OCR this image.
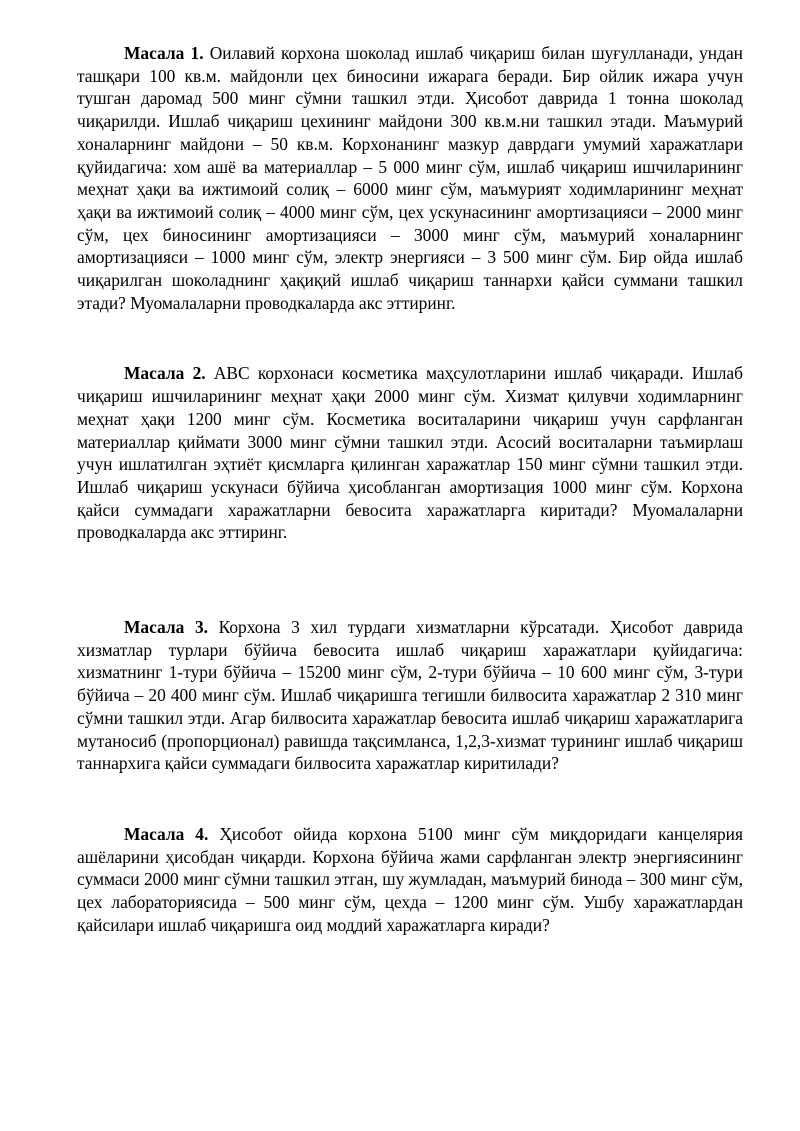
Масала 1. Оилавий корхона шоколад ишлаб чиқариш билан шуғулланади, ундан ташқари 100 кв.м. майдонли цех биносини ижарага беради. Бир ойлик ижара учун тушган даромад 500 минг сўмни ташкил этди. Ҳисобот даврида 1 тонна шоколад чиқарилди. Ишлаб чиқариш цехининг майдони 300 кв.м.ни ташкил этади. Маъмурий хоналарнинг майдони – 50 кв.м. Корхонанинг мазкур даврдаги умумий харажатлари қуйидагича: хом ашё ва материаллар – 5 000 минг сўм, ишлаб чиқариш ишчиларининг меҳнат ҳақи ва ижтимоий солиқ – 6000 минг сўм, маъмурият ходимларининг меҳнат ҳақи ва ижтимоий солиқ – 4000 минг сўм, цех ускунасининг амортизацияси – 2000 минг сўм, цех биносининг амортизацияси – 3000 минг сўм, маъмурий хоналарнинг амортизацияси – 1000 минг сўм, электр энергияси – 3 500 минг сўм. Бир ойда ишлаб чиқарилган шоколаднинг ҳақиқий ишлаб чиқариш таннархи қайси суммани ташкил этади? Муомалаларни проводкаларда акс эттиринг.

Масала 2. АВС корхонаси косметика маҳсулотларини ишлаб чиқаради. Ишлаб чиқариш ишчиларининг меҳнат ҳақи 2000 минг сўм. Хизмат қилувчи ходимларнинг меҳнат ҳақи 1200 минг сўм. Косметика воситаларини чиқариш учун сарфланган материаллар қиймати 3000 минг сўмни ташкил этди. Асосий воситаларни таъмирлаш учун ишлатилган эҳтиёт қисмларга қилинган харажатлар 150 минг сўмни ташкил этди. Ишлаб чиқариш ускунаси бўйича ҳисобланган амортизация 1000 минг сўм. Корхона қайси суммадаги харажатларни бевосита харажатларга киритади? Муомалаларни проводкаларда акс эттиринг.

Масала 3. Корхона 3 хил турдаги хизматларни кўрсатади. Ҳисобот даврида хизматлар турлари бўйича бевосита ишлаб чиқариш харажатлари қуйидагича: хизматнинг 1-тури бўйича – 15200 минг сўм, 2-тури бўйича – 10 600 минг сўм, 3-тури бўйича – 20 400 минг сўм. Ишлаб чиқаришга тегишли билвосита харажатлар 2 310 минг сўмни ташкил этди. Агар билвосита харажатлар бевосита ишлаб чиқариш харажатларига мутаносиб (пропорционал) равишда тақсимланса, 1,2,3-хизмат турининг ишлаб чиқариш таннархига қайси суммадаги билвосита харажатлар киритилади?

Масала 4. Ҳисобот ойида корхона 5100 минг сўм миқдоридаги канцелярия ашёларини ҳисобдан чиқарди. Корхона бўйича жами сарфланган электр энергиясининг суммаси 2000 минг сўмни ташкил этган, шу жумладан, маъмурий бинода – 300 минг сўм, цех лабораториясида – 500 минг сўм, цехда – 1200 минг сўм. Ушбу харажатлардан қайсилари ишлаб чиқаришга оид моддий харажатларга киради?
